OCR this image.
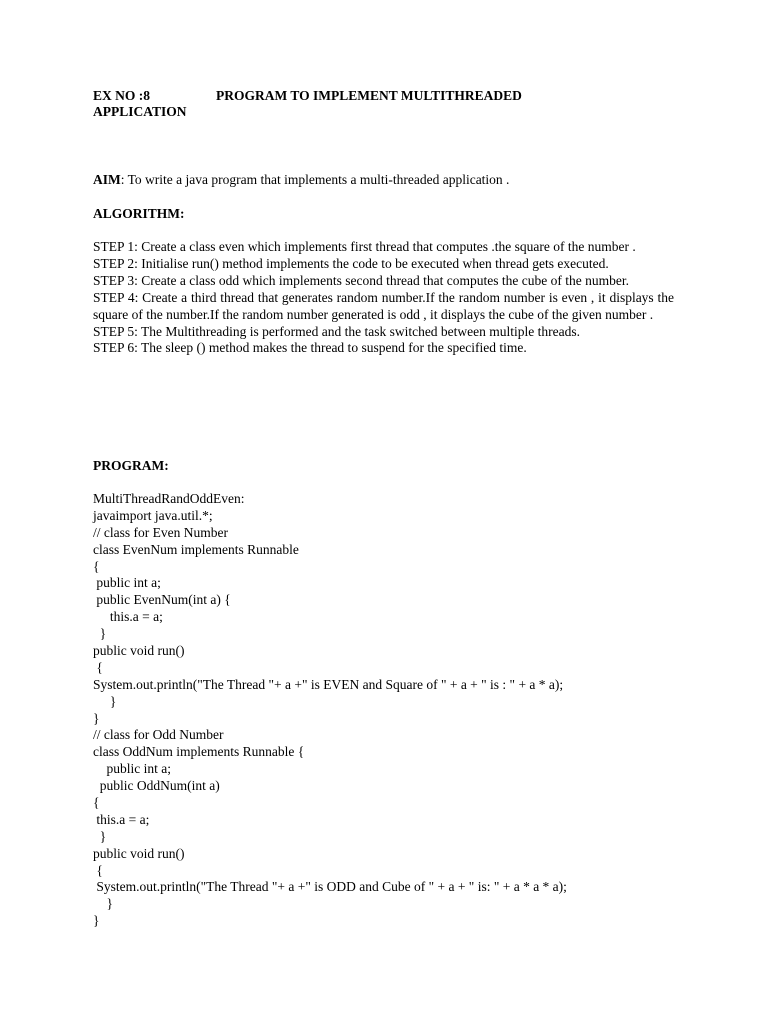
EX NO :8	PROGRAM TO IMPLEMENT MULTITHREADED
APPLICATION
AIM: To write a java program that implements a multi-threaded application .
ALGORITHM:

STEP 1: Create a class even which implements first thread that computes .the square of the number .

STEP 2: Initialise run() method implements the code to be executed when thread gets executed.

STEP 3: Create a class odd which implements second thread that computes the cube of the number.

STEP 4: Create a third thread that generates random number.If the random number is even , it displays the square of the number.If the random number generated is odd , it displays the cube of the given number .

STEP 5: The Multithreading is performed and the task switched between multiple threads.

STEP 6: The sleep () method makes the thread to suspend for the specified time.

PROGRAM:
MultiThreadRandOddEven:
javaimport java.util.*;
// class for Even Number
class EvenNum implements Runnable
{
public int a;
public EvenNum(int a) {
this.a = a;
}
public void run()
{
System.out.println("The Thread "+ a +" is EVEN and Square of " + a + " is : " + a * a);
}
}
// class for Odd Number
class OddNum implements Runnable {
public int a;
public OddNum(int a)
{
this.a = a;
}
public void run()
{
System.out.println("The Thread "+ a +" is ODD and Cube of " + a + " is: " + a * a * a);
}
}
